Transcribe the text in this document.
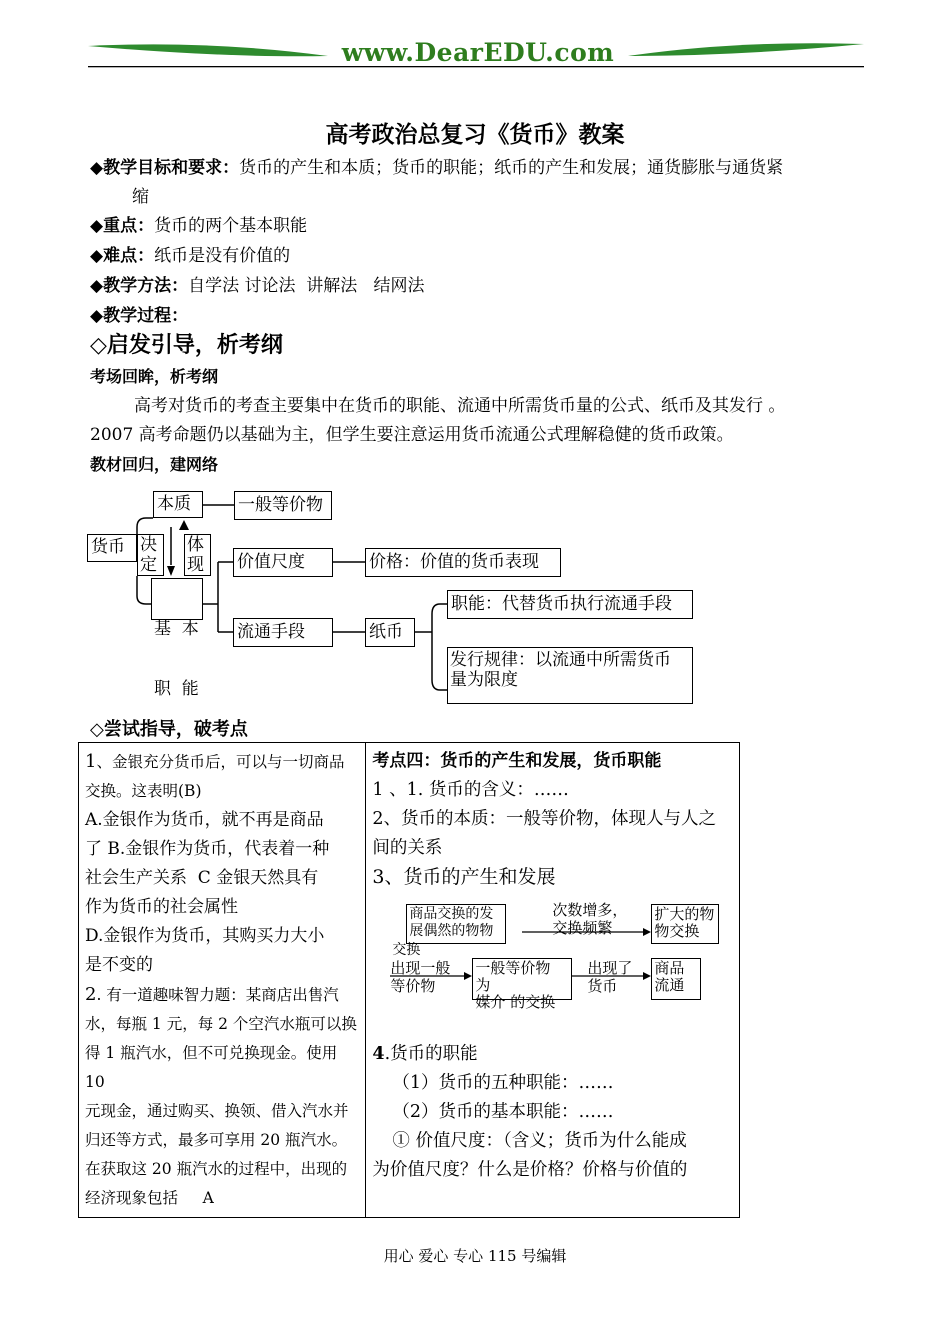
www.DearEDU.com
高考政治总复习《货币》教案
◆教学目标和要求：货币的产生和本质；货币的职能；纸币的产生和发展；通货膨胀与通货紧
缩
◆重点：货币的两个基本职能
◆难点：纸币是没有价值的
◆教学方法：自学法 讨论法  讲解法   结网法
◆教学过程：
◇启发引导，析考纲
考场回眸，析考纲
高考对货币的考查主要集中在货币的职能、流通中所需货币量的公式、纸币及其发行 。
2007 高考命题仍以基础为主，但学生要注意运用货币流通公式理解稳健的货币政策。
教材回归，建网络
货币
本质	一般等价物
决
定
体
现

基  本

职  能

价值尺度	价格：价值的货币表现
流通手段	纸币
职能：代替货币执行流通手段
发行规律：以流通中所需货币
量为限度
◇尝试指导，破考点
1、金银充分货币后，可以与一切商品
交换。这表明(B)
A.金银作为货币，就不再是商品
了 B.金银作为货币，代表着一种
社会生产关系  C 金银天然具有
作为货币的社会属性
D.金银作为货币，其购买力大小
是不变的
2. 有一道趣味智力题：某商店出售汽
水，每瓶 1 元，每 2 个空汽水瓶可以换
得 1 瓶汽水，但不可兑换现金。使用 10
元现金，通过购买、换领、借入汽水并
归还等方式，最多可享用 20 瓶汽水。
在获取这 20 瓶汽水的过程中，出现的
经济现象包括     A

考点四：货币的产生和发展，货币职能
1 、1. 货币的含义：……
2、货币的本质：一般等价物，体现人与人之
间的关系
3、货币的产生和发展
商品交换的发
展偶然的物物
交换
次数增多，
交换频繁
扩大的物
物交换
出现一般
等价物
一般等价物 为
媒介 的交换
出现了
货币
商品
流通
4.货币的职能
（1）货币的五种职能：……
（2）货币的基本职能：……
① 价值尺度：（含义；货币为什么能成
为价值尺度？什么是价格？价格与价值的
用心 爱心 专心 115 号编辑
